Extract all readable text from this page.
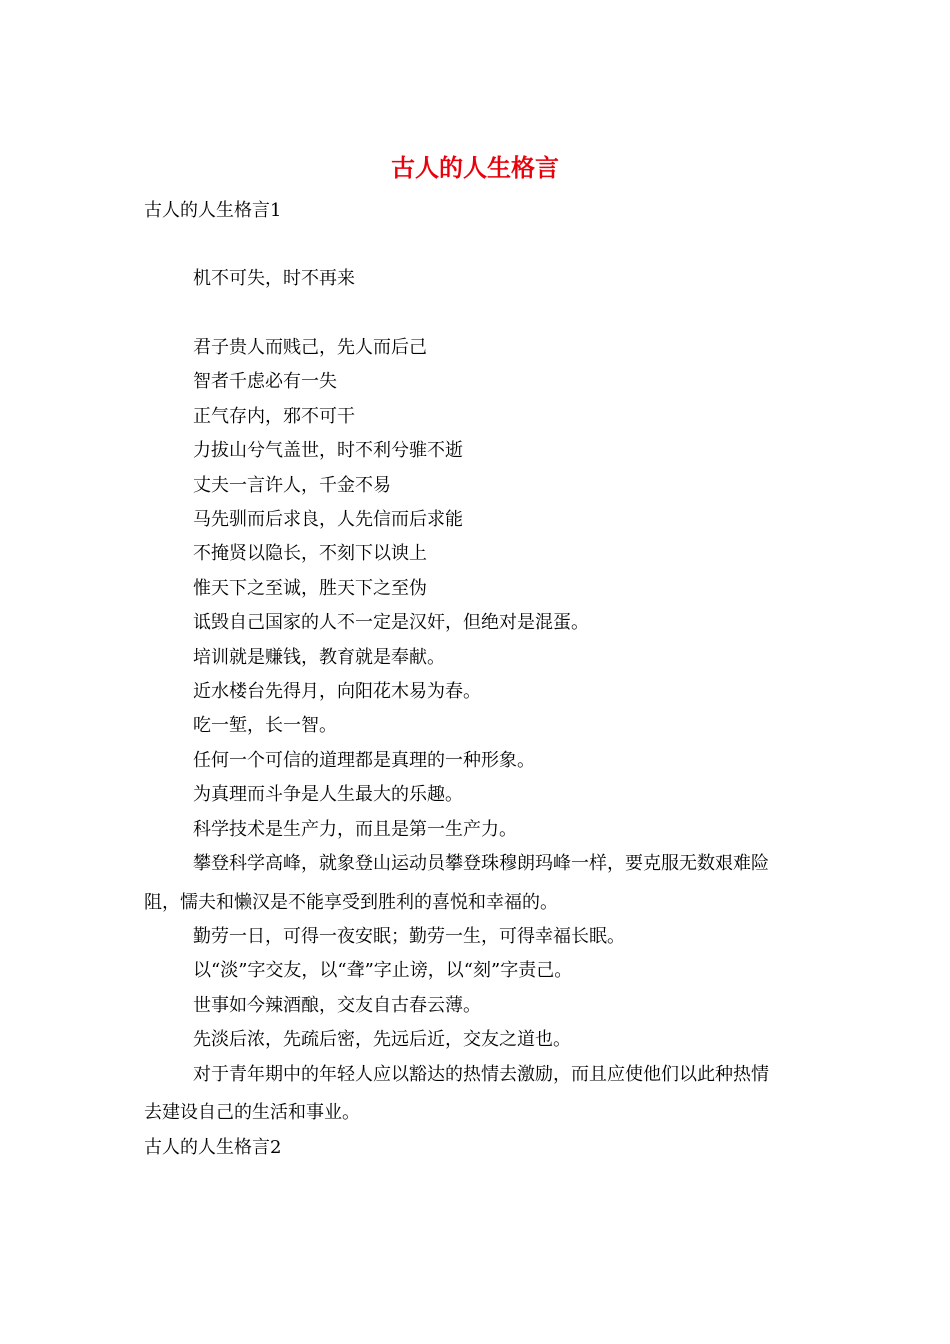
古人的人生格言

古人的人生格言1

机不可失，时不再来

君子贵人而贱己，先人而后己

智者千虑必有一失

正气存内，邪不可干

力拔山兮气盖世，时不利兮骓不逝

丈夫一言许人，千金不易

马先驯而后求良，人先信而后求能

不掩贤以隐长，不刻下以谀上

惟天下之至诚，胜天下之至伪

诋毁自己国家的人不一定是汉奸，但绝对是混蛋。

培训就是赚钱，教育就是奉献。

近水楼台先得月，向阳花木易为春。

吃一堑，长一智。

任何一个可信的道理都是真理的一种形象。

为真理而斗争是人生最大的乐趣。

科学技术是生产力，而且是第一生产力。

攀登科学高峰，就象登山运动员攀登珠穆朗玛峰一样，要克服无数艰难险

阻，懦夫和懒汉是不能享受到胜利的喜悦和幸福的。

勤劳一日，可得一夜安眠；勤劳一生，可得幸福长眠。

以“淡”字交友，以“聋”字止谤，以“刻”字责己。

世事如今辣酒酿，交友自古春云薄。

先淡后浓，先疏后密，先远后近，交友之道也。

对于青年期中的年轻人应以豁达的热情去激励，而且应使他们以此种热情

去建设自己的生活和事业。

古人的人生格言2
